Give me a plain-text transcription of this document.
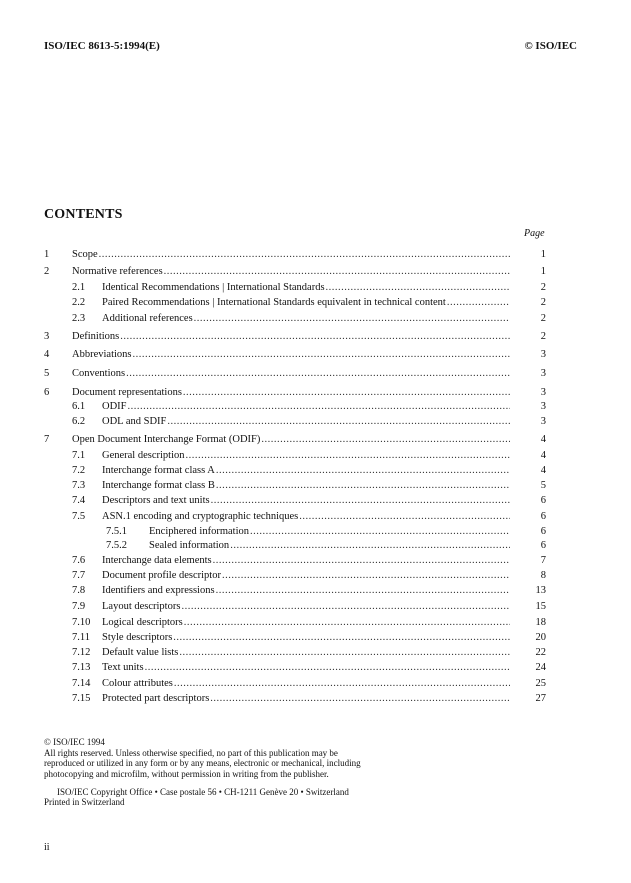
ISO/IEC 8613-5:1994(E)	© ISO/IEC
CONTENTS
Page
1 Scope .....	1
2 Normative references .....	1
2.1 Identical Recommendations | International Standards .....	2
2.2 Paired Recommendations | International Standards equivalent in technical content .....	2
2.3 Additional references .....	2
3 Definitions .....	2
4 Abbreviations .....	3
5 Conventions .....	3
6 Document representations .....	3
6.1 ODIF .....	3
6.2 ODL and SDIF .....	3
7 Open Document Interchange Format (ODIF) .....	4
7.1 General description .....	4
7.2 Interchange format class A .....	4
7.3 Interchange format class B .....	5
7.4 Descriptors and text units .....	6
7.5 ASN.1 encoding and cryptographic techniques .....	6
7.5.1 Enciphered information .....	6
7.5.2 Sealed information .....	6
7.6 Interchange data elements .....	7
7.7 Document profile descriptor .....	8
7.8 Identifiers and expressions .....	13
7.9 Layout descriptors .....	15
7.10 Logical descriptors .....	18
7.11 Style descriptors .....	20
7.12 Default value lists .....	22
7.13 Text units .....	24
7.14 Colour attributes .....	25
7.15 Protected part descriptors .....	27

© ISO/IEC 1994

All rights reserved. Unless otherwise specified, no part of this publication may be

reproduced or utilized in any form or by any means, electronic or mechanical, including

photocopying and microfilm, without permission in writing from the publisher.

ISO/IEC Copyright Office • Case postale 56 • CH-1211 Genève 20 • Switzerland

Printed in Switzerland
ii
